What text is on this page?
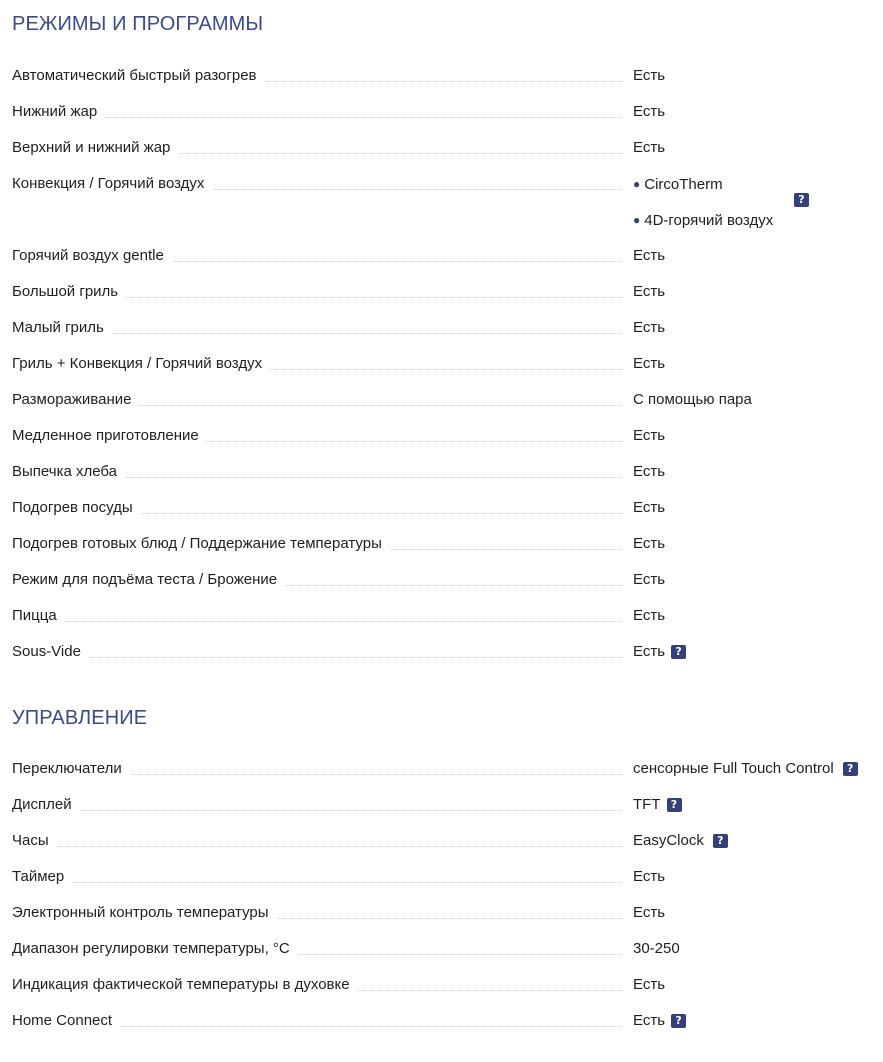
РЕЖИМЫ И ПРОГРАММЫ
Автоматический быстрый разогрев	Есть
Нижний жар	Есть
Верхний и нижний жар	Есть
Конвекция / Горячий воздух	● CircoTherm
● 4D-горячий воздух
?
Горячий воздух gentle	Есть
Большой гриль	Есть
Малый гриль	Есть
Гриль + Конвекция / Горячий воздух	Есть
Размораживание	С помощью пара
Медленное приготовление	Есть
Выпечка хлеба	Есть
Подогрев посуды	Есть
Подогрев готовых блюд / Поддержание температуры	Есть
Режим для подъёма теста / Брожение	Есть
Пицца	Есть
Sous-Vide	Есть ?
УПРАВЛЕНИЕ
Переключатели	сенсорные Full Touch Control ?
Дисплей	TFT ?
Часы	EasyClock ?
Таймер	Есть
Электронный контроль температуры	Есть
Диапазон регулировки температуры, °C	30-250
Индикация фактической температуры в духовке	Есть
Home Connect	Есть ?
